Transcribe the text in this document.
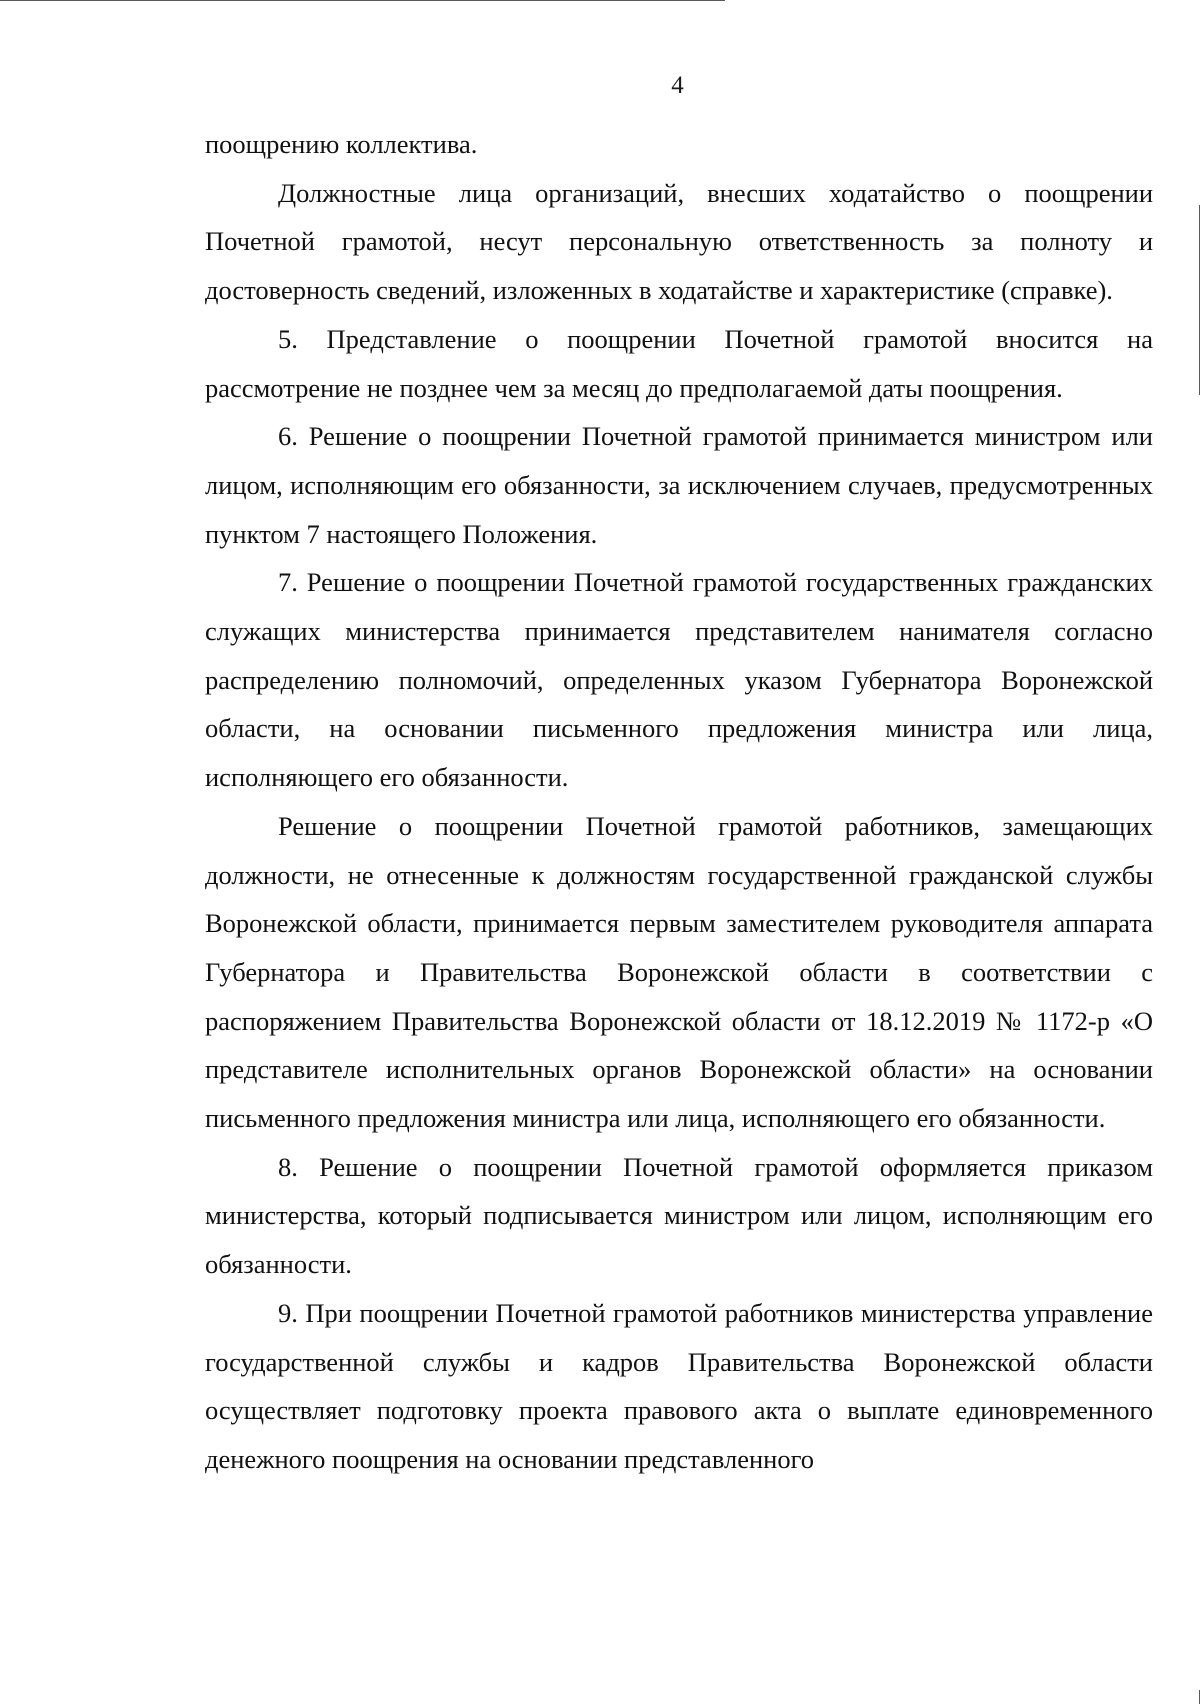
4

поощрению коллектива.

Должностные лица организаций, внесших ходатайство о поощрении Почетной грамотой, несут персональную ответственность за полноту и достоверность сведений, изложенных в ходатайстве и характеристике (справке).

5. Представление о поощрении Почетной грамотой вносится на рассмотрение не позднее чем за месяц до предполагаемой даты поощрения.

6. Решение о поощрении Почетной грамотой принимается министром или лицом, исполняющим его обязанности, за исключением случаев, предусмотренных пунктом 7 настоящего Положения.

7. Решение о поощрении Почетной грамотой государственных гражданских служащих министерства принимается представителем нанимателя согласно распределению полномочий, определенных указом Губернатора Воронежской области, на основании письменного предложения министра или лица, исполняющего его обязанности.

Решение о поощрении Почетной грамотой работников, замещающих должности, не отнесенные к должностям государственной гражданской службы Воронежской области, принимается первым заместителем руководителя аппарата Губернатора и Правительства Воронежской области в соответствии с распоряжением Правительства Воронежской области от 18.12.2019 № 1172-р «О представителе исполнительных органов Воронежской области» на основании письменного предложения министра или лица, исполняющего его обязанности.

8. Решение о поощрении Почетной грамотой оформляется приказом министерства, который подписывается министром или лицом, исполняющим его обязанности.

9. При поощрении Почетной грамотой работников министерства управление государственной службы и кадров Правительства Воронежской области осуществляет подготовку проекта правового акта о выплате единовременного денежного поощрения на основании представленного
